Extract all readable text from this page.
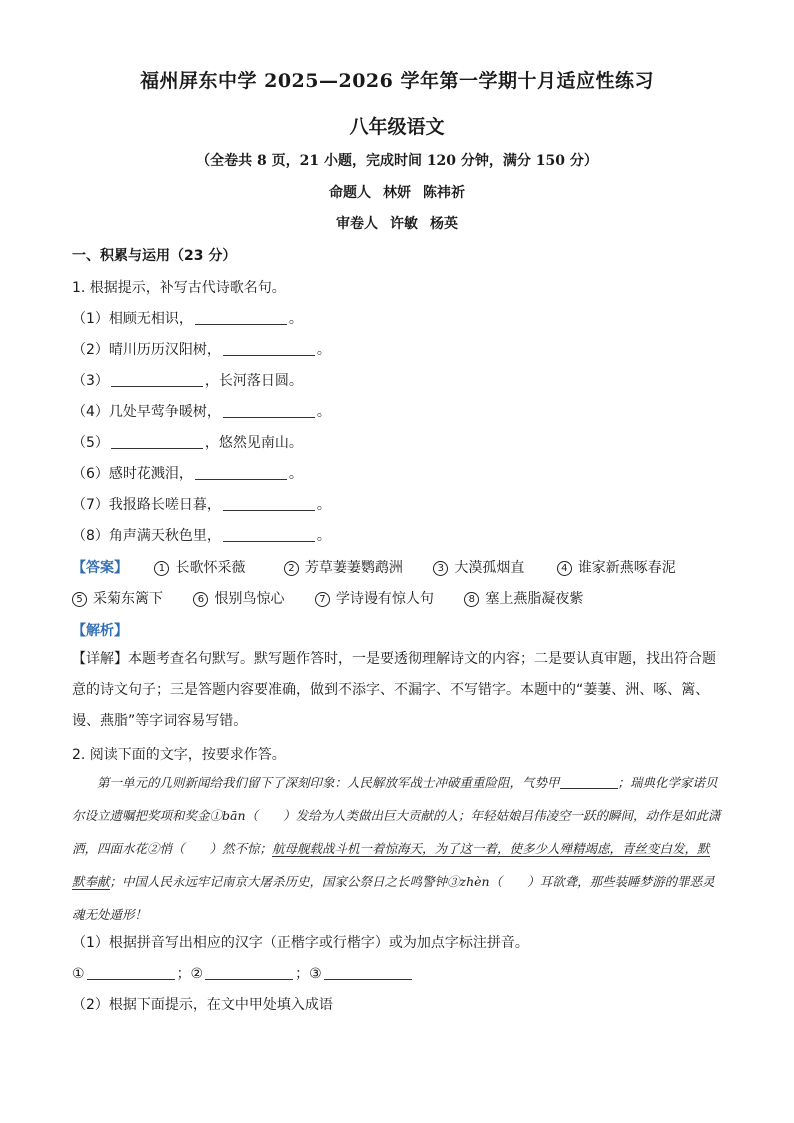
福州屏东中学 2025—2026 学年第一学期十月适应性练习
八年级语文
（全卷共 8 页，21 小题，完成时间 120 分钟，满分 150 分）
命题人 林妍 陈祎祈
审卷人 许敏 杨英
一、积累与运用（23 分）
1. 根据提示，补写古代诗歌名句。
（1）相顾无相识，	。
（2）晴川历历汉阳树，	。
（3）	，长河落日圆。
（4）几处早莺争暖树，	。
（5）	，悠然见南山。
（6）感时花溅泪，	。
（7）我报路长嗟日暮，	。
（8）角声满天秋色里，	。
【答案】	1 长歌怀采薇	2 芳草萋萋鹦鹉洲	3 大漠孤烟直	4 谁家新燕啄春泥
5 采菊东篱下	6 恨别鸟惊心	7 学诗谩有惊人句	8 塞上燕脂凝夜紫
【解析】
【详解】本题考查名句默写。默写题作答时，一是要透彻理解诗文的内容；二是要认真审题，找出符合题意的诗文句子；三是答题内容要准确，做到不添字、不漏字、不写错字。本题中的“萋萋、洲、啄、篱、谩、燕脂”等字词容易写错。
2. 阅读下面的文字，按要求作答。
第一单元的几则新闻给我们留下了深刻印象：人民解放军战士冲破重重险阻，气势甲	；瑞典化学家诺贝尔设立遗嘱把奖项和奖金①bān（　　）发给为人类做出巨大贡献的人；年轻姑娘吕伟凌空一跃的瞬间，动作是如此潇洒，四面水花②悄（　　）然不惊；航母舰载战斗机一着惊海天，为了这一着，使多少人殚精竭虑，青丝变白发，默默奉献；中国人民永远牢记南京大屠杀历史，国家公祭日之长鸣警钟③zhèn（　　）耳欲聋，那些装睡梦游的罪恶灵魂无处遁形！
（1）根据拼音写出相应的汉字（正楷字或行楷字）或为加点字标注拼音。
①	；②	；③
（2）根据下面提示，在文中甲处填入成语
